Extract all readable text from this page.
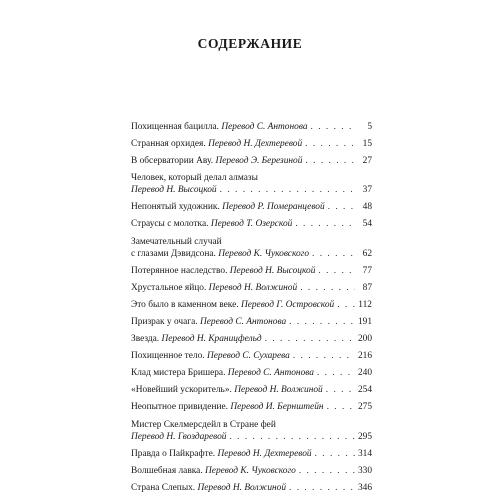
СОДЕРЖАНИЕ
Похищенная бацилла. Перевод С. Антонова . . .	5
Странная орхидея. Перевод Н. Дехтеревой . . .	15
В обсерватории Аву. Перевод Э. Березиной . . .	27
Человек, который делал алмазы
Перевод Н. Высоцкой . . .	37
Непонятый художник. Перевод Р. Померанцевой . . .	48
Страусы с молотка. Перевод Т. Озерской . . .	54
Замечательный случай
с глазами Дэвидсона. Перевод К. Чуковского . . .	62
Потерянное наследство. Перевод Н. Высоцкой . . .	77
Хрустальное яйцо. Перевод Н. Волжиной . . .	87
Это было в каменном веке. Перевод Г. Островской . . .	112
Призрак у очага. Перевод С. Антонова . . .	191
Звезда. Перевод Н. Краницфельд . . .	200
Похищенное тело. Перевод С. Сухарева . . .	216
Клад мистера Бришера. Перевод С. Антонова . . .	240
«Новейший ускоритель». Перевод Н. Волжиной . . .	254
Неопытное привидение. Перевод И. Бернштейн . . .	275
Мистер Скелмерсдейл в Стране фей
Перевод Н. Гвоздаревой . . .	295
Правда о Пайкрафте. Перевод Н. Дехтеревой . . .	314
Волшебная лавка. Перевод К. Чуковского . . .	330
Страна Слепых. Перевод Н. Волжиной . . .	346
